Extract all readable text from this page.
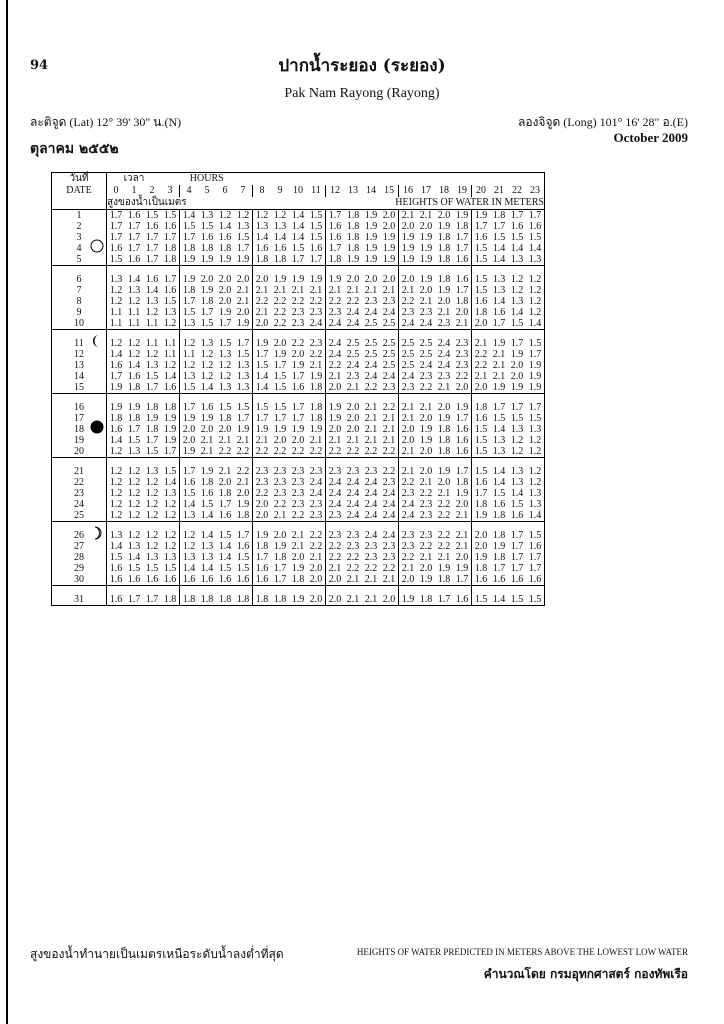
94	ปากน้ำระยอง (ระยอง)
Pak Nam Rayong (Rayong)
ละติจูด (Lat) 12° 39' 30" น.(N)	ลองจิจูด (Long) 101° 16' 28" อ.(E)
ตุลาคม ๒๕๕๒
October 2009
วันที่	เวลา			HOURS																				
DATE	0	1	2	3	4	5	6	7	8	9	10	11	12	13	14	15	16	17	18	19	20	21	22	23
	สูงของน้ำเป็นเมตร										HEIGHTS OF WATER IN METERS													
1	1.7	1.6	1.5	1.5	1.4	1.3	1.2	1.2	1.2	1.2	1.4	1.5	1.7	1.8	1.9	2.0	2.1	2.1	2.0	1.9	1.9	1.8	1.7	1.7
2	1.7	1.7	1.6	1.6	1.5	1.5	1.4	1.3	1.3	1.3	1.4	1.5	1.6	1.8	1.9	2.0	2.0	2.0	1.9	1.8	1.7	1.7	1.6	1.6
3	1.7	1.7	1.7	1.7	1.7	1.6	1.6	1.5	1.4	1.4	1.4	1.5	1.6	1.8	1.9	1.9	1.9	1.9	1.8	1.7	1.6	1.5	1.5	1.5

4	1.6	1.7	1.7	1.8	1.8	1.8	1.8	1.7	1.6	1.6	1.5	1.6	1.7	1.8	1.9	1.9	1.9	1.9	1.8	1.7	1.5	1.4	1.4	1.4
5	1.5	1.6	1.7	1.8	1.9	1.9	1.9	1.9	1.8	1.8	1.7	1.7	1.8	1.9	1.9	1.9	1.9	1.9	1.8	1.6	1.5	1.4	1.3	1.3

6	1.3	1.4	1.6	1.7	1.9	2.0	2.0	2.0	2.0	1.9	1.9	1.9	1.9	2.0	2.0	2.0	2.0	1.9	1.8	1.6	1.5	1.3	1.2	1.2
7	1.2	1.3	1.4	1.6	1.8	1.9	2.0	2.1	2.1	2.1	2.1	2.1	2.1	2.1	2.1	2.1	2.1	2.0	1.9	1.7	1.5	1.3	1.2	1.2
8	1.2	1.2	1.3	1.5	1.7	1.8	2.0	2.1	2.2	2.2	2.2	2.2	2.2	2.2	2.3	2.3	2.2	2.1	2.0	1.8	1.6	1.4	1.3	1.2
9	1.1	1.1	1.2	1.3	1.5	1.7	1.9	2.0	2.1	2.2	2.3	2.3	2.3	2.4	2.4	2.4	2.3	2.3	2.1	2.0	1.8	1.6	1.4	1.2
10	1.1	1.1	1.1	1.2	1.3	1.5	1.7	1.9	2.0	2.2	2.3	2.4	2.4	2.4	2.5	2.5	2.4	2.4	2.3	2.1	2.0	1.7	1.5	1.4

11	1.2	1.2	1.1	1.1	1.2	1.3	1.5	1.7	1.9	2.0	2.2	2.3	2.4	2.5	2.5	2.5	2.5	2.5	2.4	2.3	2.1	1.9	1.7	1.5
12	1.4	1.2	1.2	1.1	1.1	1.2	1.3	1.5	1.7	1.9	2.0	2.2	2.4	2.5	2.5	2.5	2.5	2.5	2.4	2.3	2.2	2.1	1.9	1.7
13	1.6	1.4	1.3	1.2	1.2	1.2	1.2	1.3	1.5	1.7	1.9	2.1	2.2	2.4	2.4	2.5	2.5	2.4	2.4	2.3	2.2	2.1	2.0	1.9
14	1.7	1.6	1.5	1.4	1.3	1.2	1.2	1.3	1.4	1.5	1.7	1.9	2.1	2.3	2.4	2.4	2.4	2.3	2.3	2.2	2.1	2.1	2.0	1.9
15	1.9	1.8	1.7	1.6	1.5	1.4	1.3	1.3	1.4	1.5	1.6	1.8	2.0	2.1	2.2	2.3	2.3	2.2	2.1	2.0	2.0	1.9	1.9	1.9

16	1.9	1.9	1.8	1.8	1.7	1.6	1.5	1.5	1.5	1.5	1.7	1.8	1.9	2.0	2.1	2.2	2.1	2.1	2.0	1.9	1.8	1.7	1.7	1.7
17	1.8	1.8	1.9	1.9	1.9	1.9	1.8	1.7	1.7	1.7	1.7	1.8	1.9	2.0	2.1	2.1	2.1	2.0	1.9	1.7	1.6	1.5	1.5	1.5

18	1.6	1.7	1.8	1.9	2.0	2.0	2.0	1.9	1.9	1.9	1.9	1.9	2.0	2.0	2.1	2.1	2.0	1.9	1.8	1.6	1.5	1.4	1.3	1.3
19	1.4	1.5	1.7	1.9	2.0	2.1	2.1	2.1	2.1	2.0	2.0	2.1	2.1	2.1	2.1	2.1	2.0	1.9	1.8	1.6	1.5	1.3	1.2	1.2
20	1.2	1.3	1.5	1.7	1.9	2.1	2.2	2.2	2.2	2.2	2.2	2.2	2.2	2.2	2.2	2.2	2.1	2.0	1.8	1.6	1.5	1.3	1.2	1.2

21	1.2	1.2	1.3	1.5	1.7	1.9	2.1	2.2	2.3	2.3	2.3	2.3	2.3	2.3	2.3	2.2	2.1	2.0	1.9	1.7	1.5	1.4	1.3	1.2
22	1.2	1.2	1.2	1.4	1.6	1.8	2.0	2.1	2.3	2.3	2.3	2.4	2.4	2.4	2.4	2.3	2.2	2.1	2.0	1.8	1.6	1.4	1.3	1.2
23	1.2	1.2	1.2	1.3	1.5	1.6	1.8	2.0	2.2	2.3	2.3	2.4	2.4	2.4	2.4	2.4	2.3	2.2	2.1	1.9	1.7	1.5	1.4	1.3
24	1.2	1.2	1.2	1.2	1.4	1.5	1.7	1.9	2.0	2.2	2.3	2.3	2.4	2.4	2.4	2.4	2.4	2.3	2.2	2.0	1.8	1.6	1.5	1.3
25	1.2	1.2	1.2	1.2	1.3	1.4	1.6	1.8	2.0	2.1	2.2	2.3	2.3	2.4	2.4	2.4	2.4	2.3	2.2	2.1	1.9	1.8	1.6	1.4

26	1.3	1.2	1.2	1.2	1.2	1.4	1.5	1.7	1.9	2.0	2.1	2.2	2.3	2.3	2.4	2.4	2.3	2.3	2.2	2.1	2.0	1.8	1.7	1.5
27	1.4	1.3	1.2	1.2	1.2	1.3	1.4	1.6	1.8	1.9	2.1	2.2	2.2	2.3	2.3	2.3	2.3	2.2	2.2	2.1	2.0	1.9	1.7	1.6
28	1.5	1.4	1.3	1.3	1.3	1.3	1.4	1.5	1.7	1.8	2.0	2.1	2.2	2.2	2.3	2.3	2.2	2.1	2.1	2.0	1.9	1.8	1.7	1.7
29	1.6	1.5	1.5	1.5	1.4	1.4	1.5	1.5	1.6	1.7	1.9	2.0	2.1	2.2	2.2	2.2	2.1	2.0	1.9	1.9	1.8	1.7	1.7	1.7
30	1.6	1.6	1.6	1.6	1.6	1.6	1.6	1.6	1.6	1.7	1.8	2.0	2.0	2.1	2.1	2.1	2.0	1.9	1.8	1.7	1.6	1.6	1.6	1.6

31	1.6	1.7	1.7	1.8	1.8	1.8	1.8	1.8	1.8	1.8	1.9	2.0	2.0	2.1	2.1	2.0	1.9	1.8	1.7	1.6	1.5	1.4	1.5	1.5
สูงของน้ำทำนายเป็นเมตรเหนือระดับน้ำลงต่ำที่สุด	HEIGHTS OF WATER PREDICTED IN METERS ABOVE THE LOWEST LOW WATER
คำนวณโดย กรมอุทกศาสตร์ กองทัพเรือ
